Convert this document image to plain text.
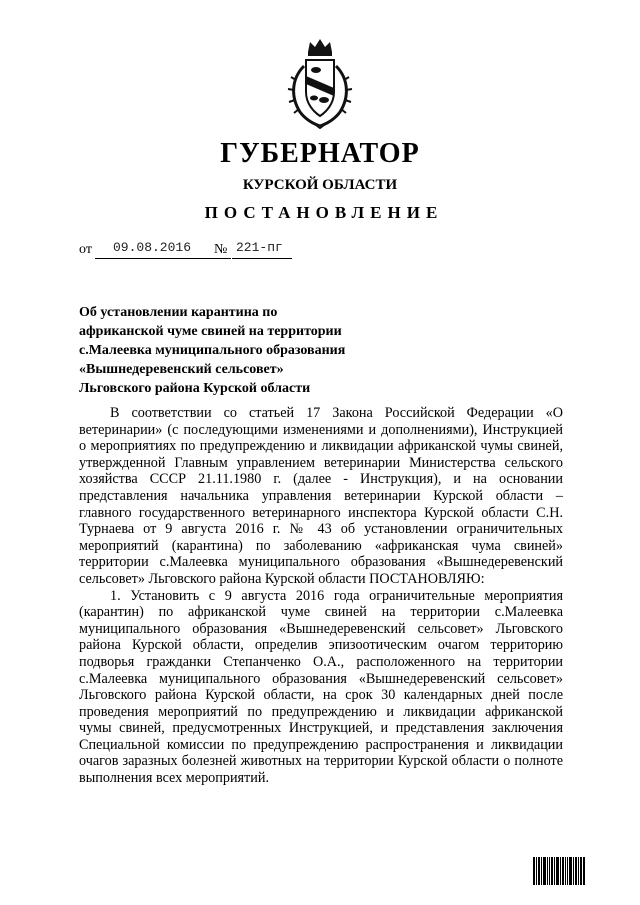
ГУБЕРНАТОР
КУРСКОЙ ОБЛАСТИ
ПОСТАНОВЛЕНИЕ
от 09.08.2016 № 221-пг
Об установлении карантина по
африканской чуме свиней на территории
с.Малеевка муниципального образования
«Вышнедеревенский сельсовет»
Льговского района Курской области

В соответствии со статьей 17 Закона Российской Федерации «О ветеринарии» (с последующими изменениями и дополнениями), Инструкцией о мероприятиях по предупреждению и ликвидации африканской чумы свиней, утвержденной Главным управлением ветеринарии Министерства сельского хозяйства СССР 21.11.1980 г. (далее - Инструкция), и на основании представления начальника управления ветеринарии Курской области – главного государственного ветеринарного инспектора Курской области С.Н. Турнаева от 9 августа 2016 г. № 43 об установлении ограничительных мероприятий (карантина) по заболеванию «африканская чума свиней» территории с.Малеевка муниципального образования «Вышнедеревенский сельсовет» Льговского района Курской области ПОСТАНОВЛЯЮ:

1. Установить с 9 августа 2016 года ограничительные мероприятия (карантин) по африканской чуме свиней на территории с.Малеевка муниципального образования «Вышнедеревенский сельсовет» Льговского района Курской области, определив эпизоотическим очагом территорию подворья гражданки Степанченко О.А., расположенного на территории с.Малеевка муниципального образования «Вышнедеревенский сельсовет» Льговского района Курской области, на срок 30 календарных дней после проведения мероприятий по предупреждению и ликвидации африканской чумы свиней, предусмотренных Инструкцией, и представления заключения Специальной комиссии по предупреждению распространения и ликвидации очагов заразных болезней животных на территории Курской области о полноте выполнения всех мероприятий.
